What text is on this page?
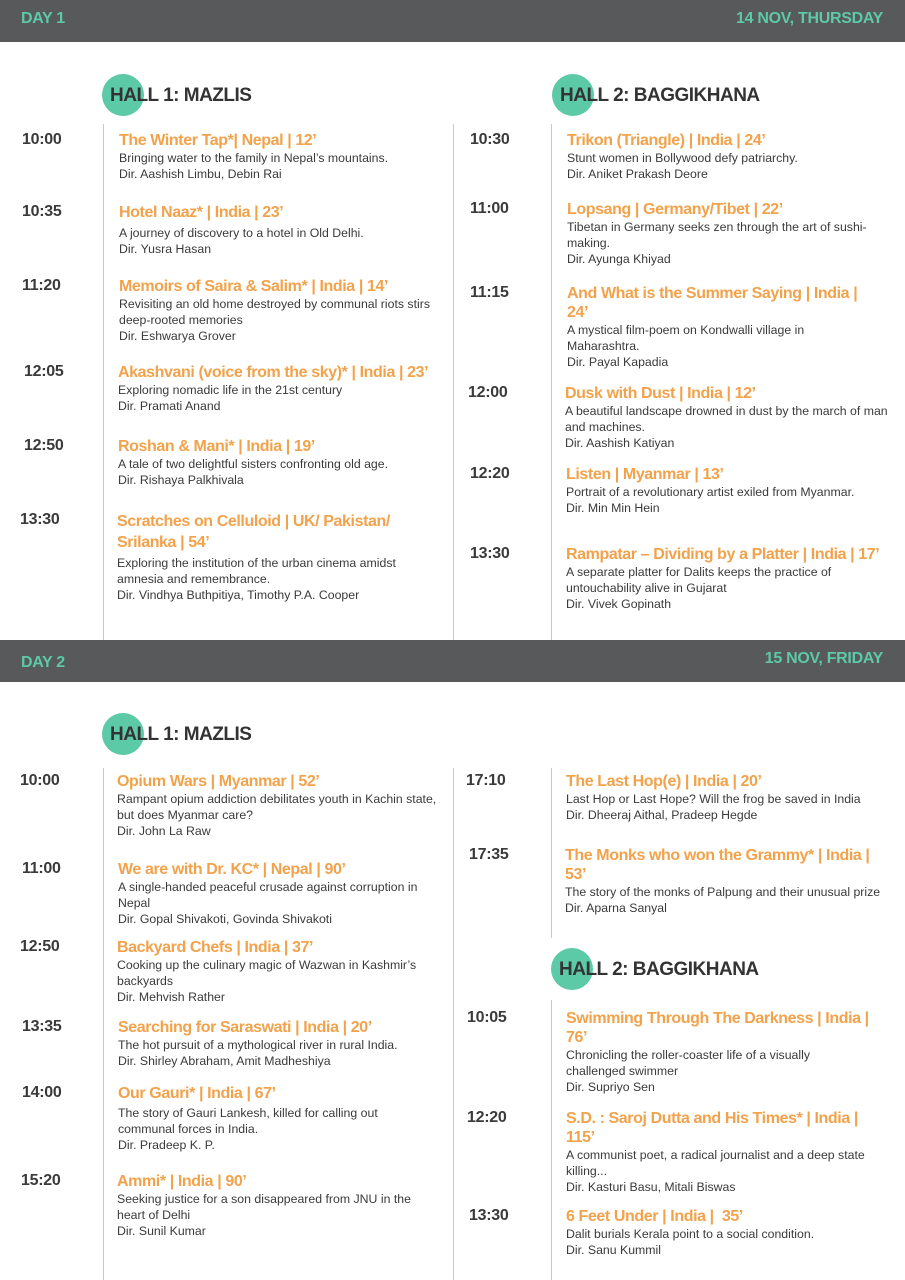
DAY 1	14 NOV, THURSDAY
HALL 1: MAZLIS	HALL 2: BAGGIKHANA
10:00	The Winter Tap*| Nepal | 12’
Bringing water to the family in Nepal’s mountains.
Dir. Aashish Limbu, Debin Rai
10:35	Hotel Naaz* | India | 23’
A journey of discovery to a hotel in Old Delhi.
Dir. Yusra Hasan
11:20	Memoirs of Saira & Salim* | India | 14’
Revisiting an old home destroyed by communal riots stirs deep-rooted memories
Dir. Eshwarya Grover
12:05	Akashvani (voice from the sky)* | India | 23’
Exploring nomadic life in the 21st century
Dir. Pramati Anand
12:50	Roshan & Mani* | India | 19’
A tale of two delightful sisters confronting old age.
Dir. Rishaya Palkhivala
13:30	Scratches on Celluloid | UK/ Pakistan/ Srilanka | 54’
Exploring the institution of the urban cinema amidst amnesia and remembrance.
Dir. Vindhya Buthpitiya, Timothy P.A. Cooper
10:30	Trikon (Triangle) | India | 24’
Stunt women in Bollywood defy patriarchy.
Dir. Aniket Prakash Deore
11:00	Lopsang | Germany/Tibet | 22’
Tibetan in Germany seeks zen through the art of sushi-making.
Dir. Ayunga Khiyad
11:15	And What is the Summer Saying | India | 24’
A mystical film-poem on Kondwalli village in Maharashtra.
Dir. Payal Kapadia
12:00	Dusk with Dust | India | 12’
A beautiful landscape drowned in dust by the march of man and machines.
Dir. Aashish Katiyan
12:20	Listen | Myanmar | 13’
Portrait of a revolutionary artist exiled from Myanmar.
Dir. Min Min Hein
13:30	Rampatar – Dividing by a Platter | India | 17’
A separate platter for Dalits keeps the practice of untouchability alive in Gujarat
Dir. Vivek Gopinath
DAY 2	15 NOV, FRIDAY
HALL 1: MAZLIS
HALL 2: BAGGIKHANA
10:00	Opium Wars | Myanmar | 52’
Rampant opium addiction debilitates youth in Kachin state, but does Myanmar care?
Dir. John La Raw
11:00	We are with Dr. KC* | Nepal | 90’
A single-handed peaceful crusade against corruption in Nepal
Dir. Gopal Shivakoti, Govinda Shivakoti
12:50	Backyard Chefs | India | 37’
Cooking up the culinary magic of Wazwan in Kashmir’s backyards
Dir. Mehvish Rather
13:35	Searching for Saraswati | India | 20’
The hot pursuit of a mythological river in rural India.
Dir. Shirley Abraham, Amit Madheshiya
14:00	Our Gauri* | India | 67’
The story of Gauri Lankesh, killed for calling out communal forces in India.
Dir. Pradeep K. P.
15:20	Ammi* | India | 90’
Seeking justice for a son disappeared from JNU in the heart of Delhi
Dir. Sunil Kumar
17:10	The Last Hop(e) | India | 20’
Last Hop or Last Hope? Will the frog be saved in India
Dir. Dheeraj Aithal, Pradeep Hegde
17:35	The Monks who won the Grammy* | India | 53’
The story of the monks of Palpung and their unusual prize
Dir. Aparna Sanyal
10:05	Swimming Through The Darkness | India | 76’
Chronicling the roller-coaster life of a visually challenged swimmer
Dir. Supriyo Sen
12:20	S.D. : Saroj Dutta and His Times* | India | 115’
A communist poet, a radical journalist and a deep state killing...
Dir. Kasturi Basu, Mitali Biswas
13:30	6 Feet Under | India |  35’
Dalit burials Kerala point to a social condition.
Dir. Sanu Kummil
